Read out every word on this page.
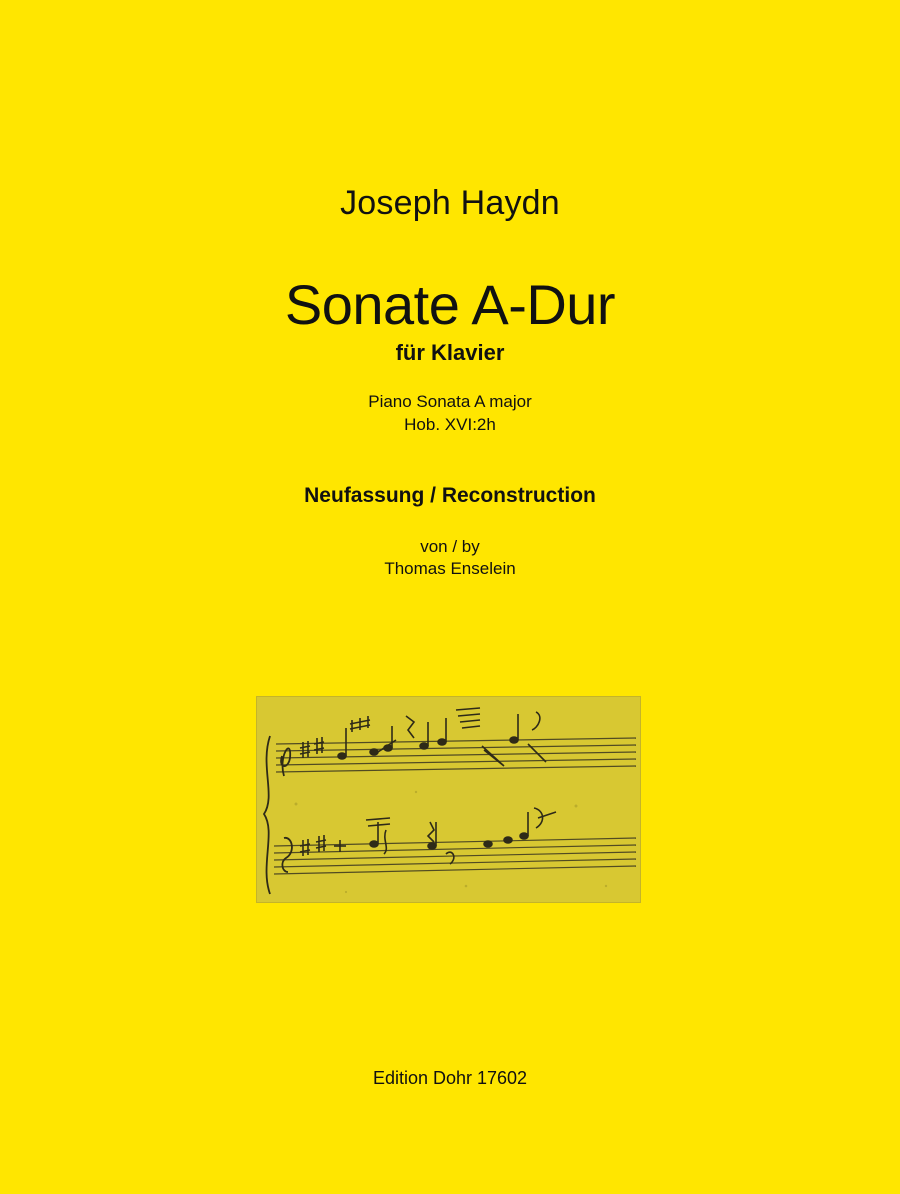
Joseph Haydn
Sonate A-Dur
für Klavier
Piano Sonata A major
Hob. XVI:2h
Neufassung / Reconstruction
von / by
Thomas Enselein
Edition Dohr 17602
